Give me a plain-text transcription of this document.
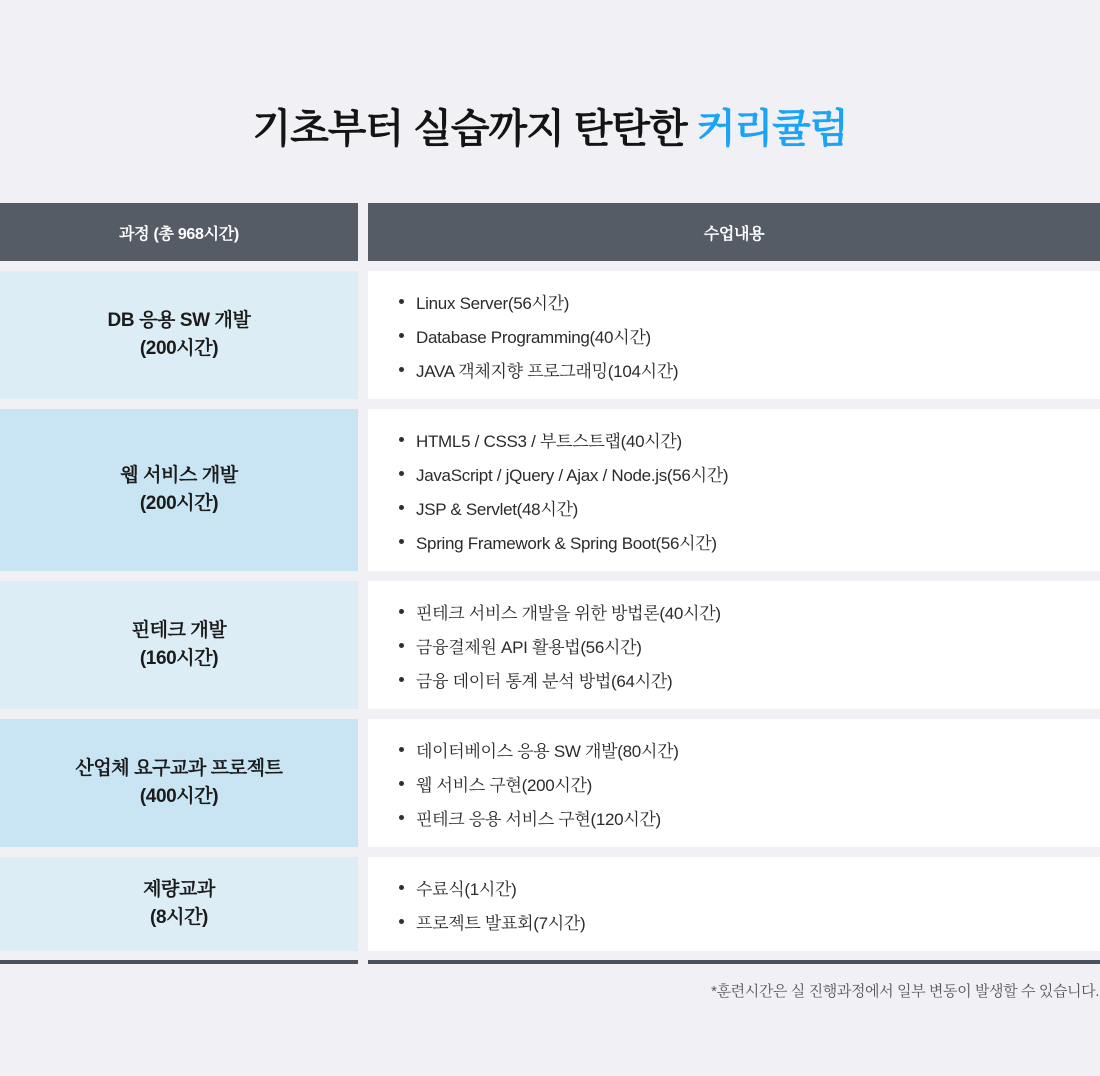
기초부터 실습까지 탄탄한 커리큘럼
과정 (총 968시간)	수업내용
DB 응용 SW 개발
(200시간)
Linux Server(56시간)
Database Programming(40시간)
JAVA 객체지향 프로그래밍(104시간)
웹 서비스 개발
(200시간)
HTML5 / CSS3 / 부트스트랩(40시간)
JavaScript / jQuery / Ajax / Node.js(56시간)
JSP & Servlet(48시간)
Spring Framework & Spring Boot(56시간)
핀테크 개발
(160시간)
핀테크 서비스 개발을 위한 방법론(40시간)
금융결제원 API 활용법(56시간)
금융 데이터 통계 분석 방법(64시간)
산업체 요구교과 프로젝트
(400시간)
데이터베이스 응용 SW 개발(80시간)
웹 서비스 구현(200시간)
핀테크 응용 서비스 구현(120시간)
제량교과
(8시간)
수료식(1시간)
프로젝트 발표회(7시간)

*훈련시간은 실 진행과정에서 일부 변동이 발생할 수 있습니다.
